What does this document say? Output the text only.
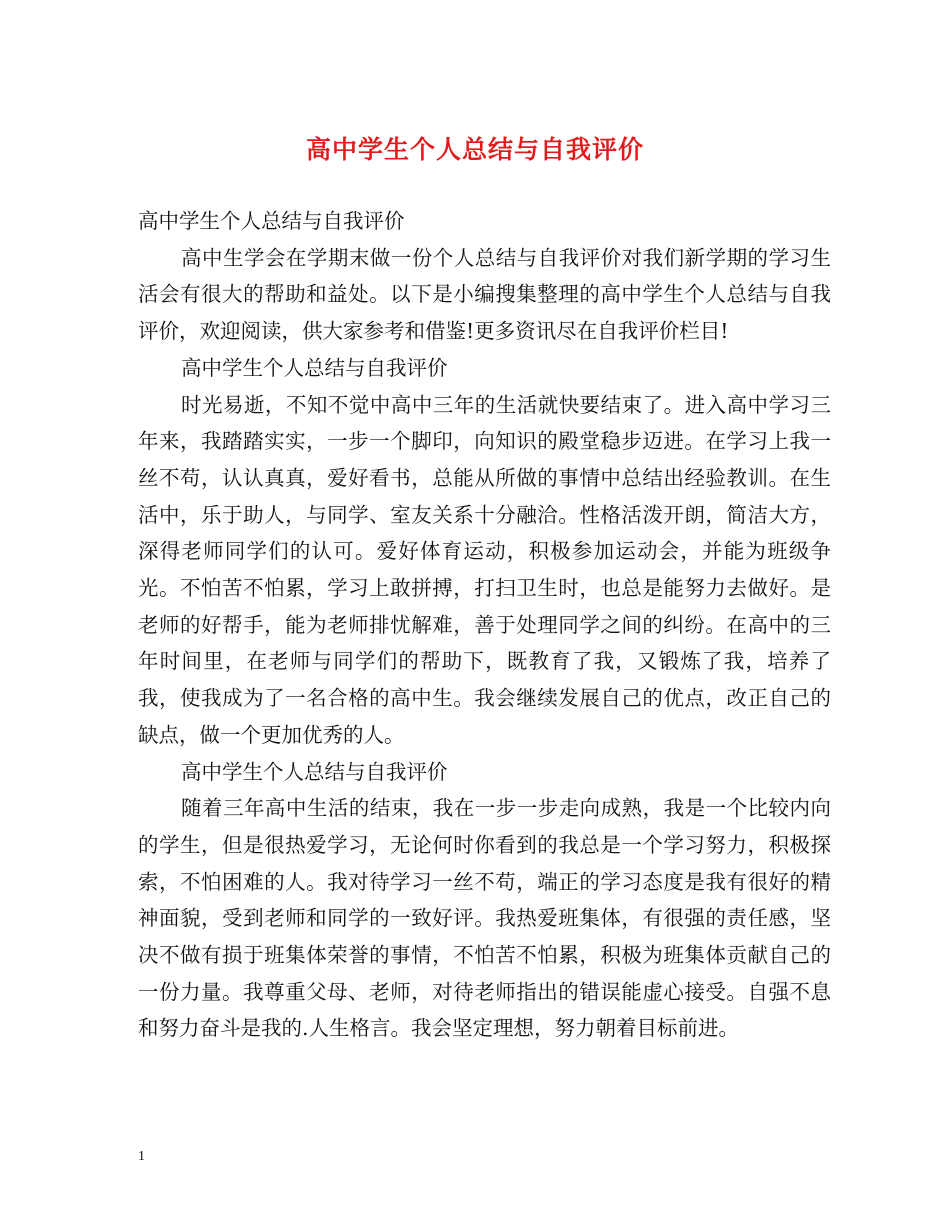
高中学生个人总结与自我评价

高中学生个人总结与自我评价

高中生学会在学期末做一份个人总结与自我评价对我们新学期的学习生活会有很大的帮助和益处。以下是小编搜集整理的高中学生个人总结与自我评价，欢迎阅读，供大家参考和借鉴!更多资讯尽在自我评价栏目!

高中学生个人总结与自我评价

时光易逝，不知不觉中高中三年的生活就快要结束了。进入高中学习三年来，我踏踏实实，一步一个脚印，向知识的殿堂稳步迈进。在学习上我一丝不苟，认认真真，爱好看书，总能从所做的事情中总结出经验教训。在生活中，乐于助人，与同学、室友关系十分融洽。性格活泼开朗，简洁大方，深得老师同学们的认可。爱好体育运动，积极参加运动会，并能为班级争光。不怕苦不怕累，学习上敢拼搏，打扫卫生时，也总是能努力去做好。是老师的好帮手，能为老师排忧解难，善于处理同学之间的纠纷。在高中的三年时间里，在老师与同学们的帮助下，既教育了我，又锻炼了我，培养了我，使我成为了一名合格的高中生。我会继续发展自己的优点，改正自己的缺点，做一个更加优秀的人。

高中学生个人总结与自我评价

随着三年高中生活的结束，我在一步一步走向成熟，我是一个比较内向的学生，但是很热爱学习，无论何时你看到的我总是一个学习努力，积极探索，不怕困难的人。我对待学习一丝不苟，端正的学习态度是我有很好的精神面貌，受到老师和同学的一致好评。我热爱班集体，有很强的责任感，坚决不做有损于班集体荣誉的事情，不怕苦不怕累，积极为班集体贡献自己的一份力量。我尊重父母、老师，对待老师指出的错误能虚心接受。自强不息和努力奋斗是我的.人生格言。我会坚定理想，努力朝着目标前进。

1
